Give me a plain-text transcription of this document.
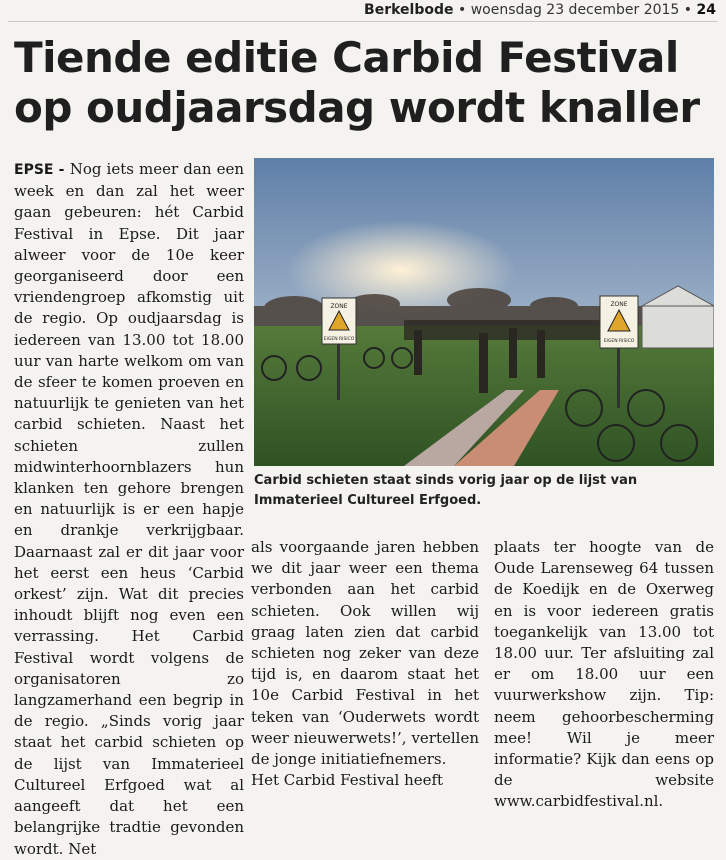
Berkelbode • woensdag 23 december 2015 • 24
Tiende editie Carbid Festival op oudjaarsdag wordt knaller

EPSE - Nog iets meer dan een week en dan zal het weer gaan gebeuren: hét Carbid Festival in Epse. Dit jaar alweer voor de 10e keer georganiseerd door een vriendengroep afkomstig uit de regio. Op oudjaarsdag is iedereen van 13.00 tot 18.00 uur van harte welkom om van de sfeer te komen proeven en natuurlijk te genieten van het carbid schieten. Naast het schieten zullen midwinterhoornblazers hun klanken ten gehore brengen en natuurlijk is er een hapje en drankje verkrijgbaar. Daarnaast zal er dit jaar voor het eerst een heus ‘Carbid orkest’ zijn. Wat dit precies inhoudt blijft nog even een verrassing. Het Carbid Festival wordt volgens de organisatoren zo langzamerhand een begrip in de regio. „Sinds vorig jaar staat het carbid schieten op de lijst van Immaterieel Cultureel Erfgoed wat al aangeeft dat het een belangrijke tradtie gevonden wordt. Net

ZONE
EIGEN RISICO
ZONE
EIGEN RISICO
Carbid schieten staat sinds vorig jaar op de lijst van Immaterieel Cultureel Erfgoed.

als voorgaande jaren hebben we dit jaar weer een thema verbonden aan het carbid schieten. Ook willen wij graag laten zien dat carbid schieten nog zeker van deze tijd is, en daarom staat het 10e Carbid Festival in het teken van ‘Ouderwets wordt weer nieuwerwets!’, vertellen de jonge initiatiefnemers.

Het Carbid Festival heeft

plaats ter hoogte van de Oude Larenseweg 64 tussen de Koedijk en de Oxerweg en is voor iedereen gratis toegankelijk van 13.00 tot 18.00 uur. Ter afsluiting zal er om 18.00 uur een vuurwerkshow zijn. Tip: neem gehoorbescherming mee! Wil je meer informatie? Kijk dan eens op de website www.carbidfestival.nl.
